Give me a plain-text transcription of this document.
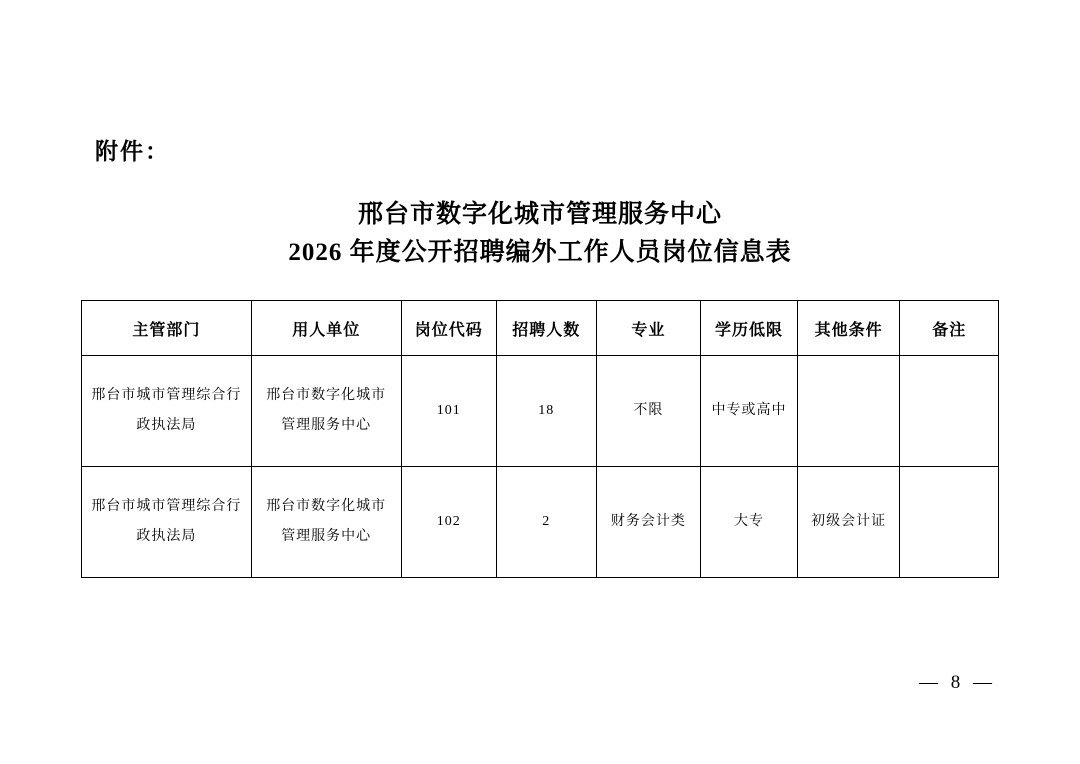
附件：
邢台市数字化城市管理服务中心
2026 年度公开招聘编外工作人员岗位信息表
主管部门	用人单位	岗位代码	招聘人数	专业	学历低限	其他条件	备注
邢台市城市管理综合行政执法局	邢台市数字化城市管理服务中心	101	18	不限	中专或高中		
邢台市城市管理综合行政执法局	邢台市数字化城市管理服务中心	102	2	财务会计类	大专	初级会计证	
— 8 —
